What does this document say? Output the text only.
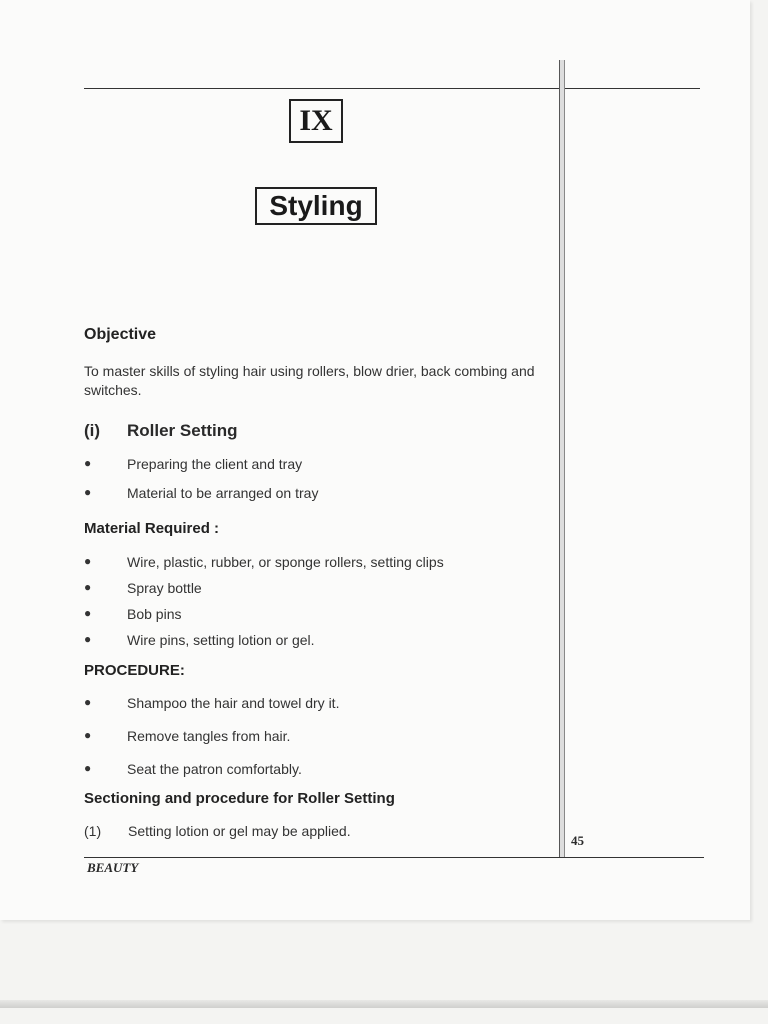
IX
Styling
Objective
To master skills of styling hair using rollers, blow drier, back combing and switches.
(i) Roller Setting
●	Preparing the client and tray
●	Material to be arranged on tray
Material Required :
●	Wire, plastic, rubber, or sponge rollers, setting clips
●	Spray bottle
●	Bob pins
●	Wire pins, setting lotion or gel.
PROCEDURE:
●	Shampoo the hair and towel dry it.
●	Remove tangles from hair.
●	Seat the patron comfortably.
Sectioning and procedure for Roller Setting
(1) Setting lotion or gel may be applied.
45
BEAUTY
